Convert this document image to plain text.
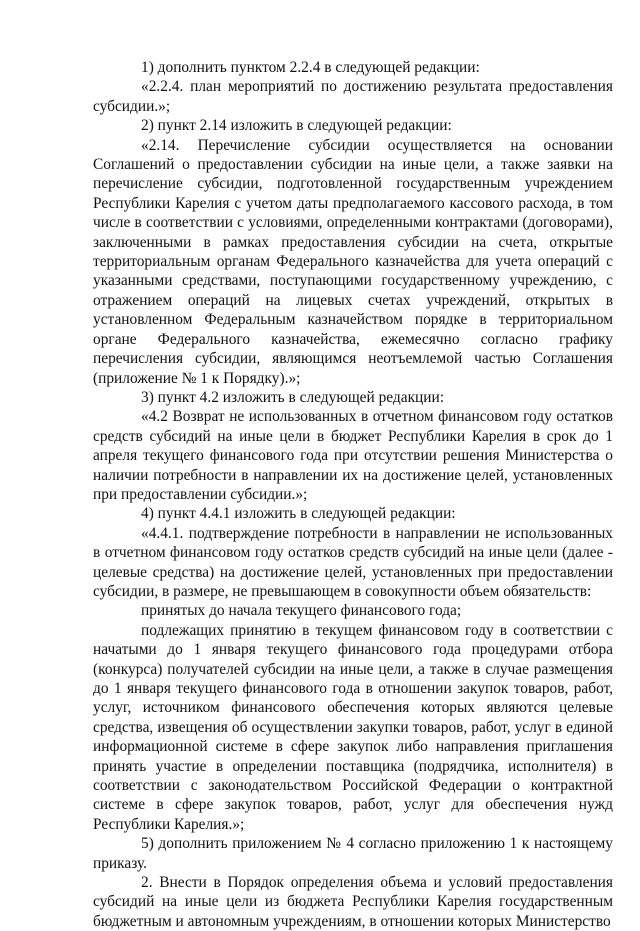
1) дополнить пунктом 2.2.4 в следующей редакции:

«2.2.4. план мероприятий по достижению результата предоставления субсидии.»;

2) пункт 2.14 изложить в следующей редакции:

«2.14. Перечисление субсидии осуществляется на основании Соглашений о предоставлении субсидии на иные цели, а также заявки на перечисление субсидии, подготовленной государственным учреждением Республики Карелия с учетом даты предполагаемого кассового расхода, в том числе в соответствии с условиями, определенными контрактами (договорами), заключенными в рамках предоставления субсидии на счета, открытые территориальным органам Федерального казначейства для учета операций с указанными средствами, поступающими государственному учреждению, с отражением операций на лицевых счетах учреждений, открытых в установленном Федеральным казначейством порядке в территориальном органе Федерального казначейства, ежемесячно согласно графику перечисления субсидии, являющимся неотъемлемой частью Соглашения (приложение № 1 к Порядку).»;

3) пункт 4.2 изложить в следующей редакции:

«4.2 Возврат не использованных в отчетном финансовом году остатков средств субсидий на иные цели в бюджет Республики Карелия в срок до 1 апреля текущего финансового года при отсутствии решения Министерства о наличии потребности в направлении их на достижение целей, установленных при предоставлении субсидии.»;

4) пункт 4.4.1 изложить в следующей редакции:

«4.4.1. подтверждение потребности в направлении не использованных в отчетном финансовом году остатков средств субсидий на иные цели (далее - целевые средства) на достижение целей, установленных при предоставлении субсидии, в размере, не превышающем в совокупности объем обязательств:

принятых до начала текущего финансового года;

подлежащих принятию в текущем финансовом году в соответствии с начатыми до 1 января текущего финансового года процедурами отбора (конкурса) получателей субсидии на иные цели, а также в случае размещения до 1 января текущего финансового года в отношении закупок товаров, работ, услуг, источником финансового обеспечения которых являются целевые средства, извещения об осуществлении закупки товаров, работ, услуг в единой информационной системе в сфере закупок либо направления приглашения принять участие в определении поставщика (подрядчика, исполнителя) в соответствии с законодательством Российской Федерации о контрактной системе в сфере закупок товаров, работ, услуг для обеспечения нужд Республики Карелия.»;

5) дополнить приложением № 4 согласно приложению 1 к настоящему приказу.

2. Внести в Порядок определения объема и условий предоставления субсидий на иные цели из бюджета Республики Карелия государственным бюджетным и автономным учреждениям, в отношении которых Министерство
